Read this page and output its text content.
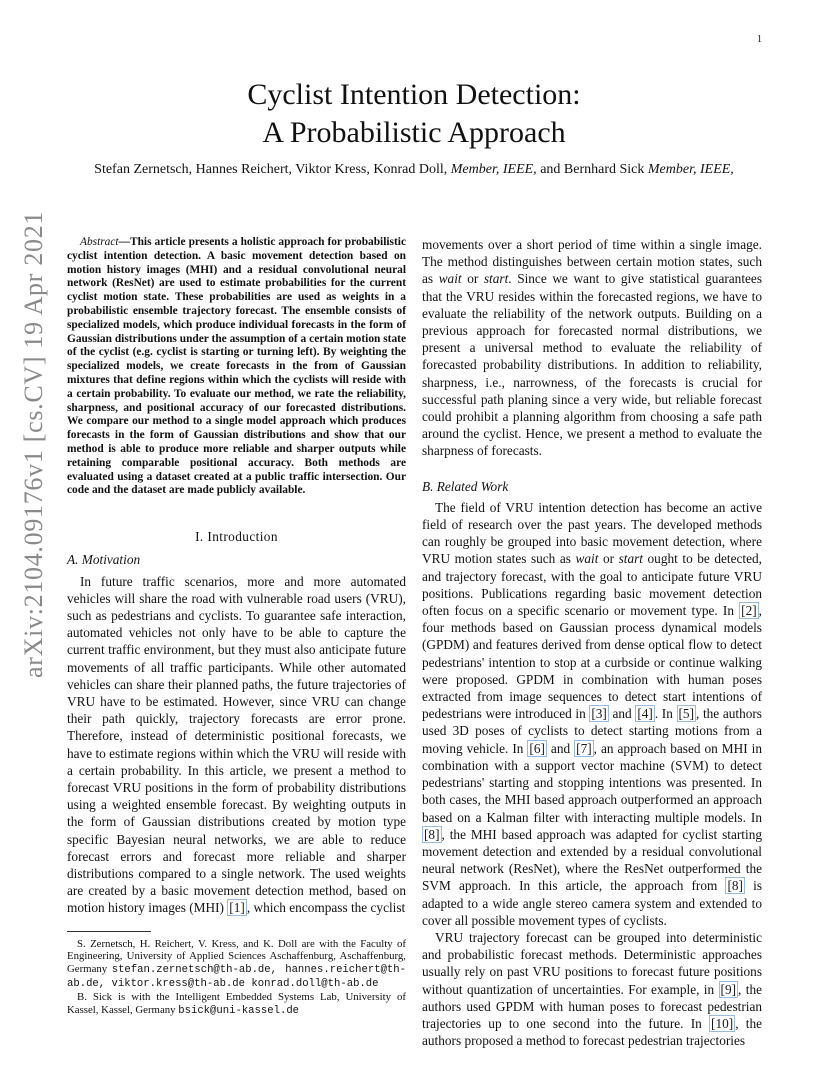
1
Cyclist Intention Detection:
A Probabilistic Approach
Stefan Zernetsch, Hannes Reichert, Viktor Kress, Konrad Doll, Member, IEEE, and Bernhard Sick Member, IEEE,
arXiv:2104.09176v1 [cs.CV] 19 Apr 2021	Abstract—This article presents a holistic approach for probabilistic cyclist intention detection. A basic movement detection based on motion history images (MHI) and a residual convolutional neural network (ResNet) are used to estimate probabilities for the current cyclist motion state. These probabilities are used as weights in a probabilistic ensemble trajectory forecast. The ensemble consists of specialized models, which produce individual forecasts in the form of Gaussian distributions under the assumption of a certain motion state of the cyclist (e.g. cyclist is starting or turning left). By weighting the specialized models, we create forecasts in the from of Gaussian mixtures that define regions within which the cyclists will reside with a certain probability. To evaluate our method, we rate the reliability, sharpness, and positional accuracy of our forecasted distributions. We compare our method to a single model approach which produces forecasts in the form of Gaussian distributions and show that our method is able to produce more reliable and sharper outputs while retaining comparable positional accuracy. Both methods are evaluated using a dataset created at a public traffic intersection. Our code and the dataset are made publicly available.

I. Introduction
A. Motivation

In future traffic scenarios, more and more automated vehicles will share the road with vulnerable road users (VRU), such as pedestrians and cyclists. To guarantee safe interaction, automated vehicles not only have to be able to capture the current traffic environment, but they must also anticipate future movements of all traffic participants. While other automated vehicles can share their planned paths, the future trajectories of VRU have to be estimated. However, since VRU can change their path quickly, trajectory forecasts are error prone. Therefore, instead of deterministic positional forecasts, we have to estimate regions within which the VRU will reside with a certain probability. In this article, we present a method to forecast VRU positions in the form of probability distributions using a weighted ensemble forecast. By weighting outputs in the form of Gaussian distributions created by motion type specific Bayesian neural networks, we are able to reduce forecast errors and forecast more reliable and sharper distributions compared to a single network. The used weights are created by a basic movement detection method, based on motion history images (MHI) [1] , which encompass the cyclist

S. Zernetsch, H. Reichert, V. Kress, and K. Doll are with the Faculty of Engineering, University of Applied Sciences Aschaffenburg, Aschaffenburg, Germany stefan.zernetsch@th-ab.de, hannes.reichert@th-ab.de, viktor.kress@th-ab.de konrad.doll@th-ab.de

B. Sick is with the Intelligent Embedded Systems Lab, University of Kassel, Kassel, Germany bsick@uni-kassel.de

movements over a short period of time within a single image. The method distinguishes between certain motion states, such as wait or start. Since we want to give statistical guarantees that the VRU resides within the forecasted regions, we have to evaluate the reliability of the network outputs. Building on a previous approach for forecasted normal distributions, we present a universal method to evaluate the reliability of forecasted probability distributions. In addition to reliability, sharpness, i.e., narrowness, of the forecasts is crucial for successful path planing since a very wide, but reliable forecast could prohibit a planning algorithm from choosing a safe path around the cyclist. Hence, we present a method to evaluate the sharpness of forecasts.

B. Related Work

The field of VRU intention detection has become an active field of research over the past years. The developed methods can roughly be grouped into basic movement detection, where VRU motion states such as wait or start ought to be detected, and trajectory forecast, with the goal to anticipate future VRU positions. Publications regarding basic movement detection often focus on a specific scenario or movement type. In [2] , four methods based on Gaussian process dynamical models (GPDM) and features derived from dense optical flow to detect pedestrians' intention to stop at a curbside or continue walking were proposed. GPDM in combination with human poses extracted from image sequences to detect start intentions of pedestrians were introduced in [3] and [4] . In [5] , the authors used 3D poses of cyclists to detect starting motions from a moving vehicle. In [6] and [7] , an approach based on MHI in combination with a support vector machine (SVM) to detect pedestrians' starting and stopping intentions was presented. In both cases, the MHI based approach outperformed an approach based on a Kalman filter with interacting multiple models. In [8] , the MHI based approach was adapted for cyclist starting movement detection and extended by a residual convolutional neural network (ResNet), where the ResNet outperformed the SVM approach. In this article, the approach from [8] is adapted to a wide angle stereo camera system and extended to cover all possible movement types of cyclists.

VRU trajectory forecast can be grouped into deterministic and probabilistic forecast methods. Deterministic approaches usually rely on past VRU positions to forecast future positions without quantization of uncertainties. For example, in [9] , the authors used GPDM with human poses to forecast pedestrian trajectories up to one second into the future. In [10] , the authors proposed a method to forecast pedestrian trajectories
